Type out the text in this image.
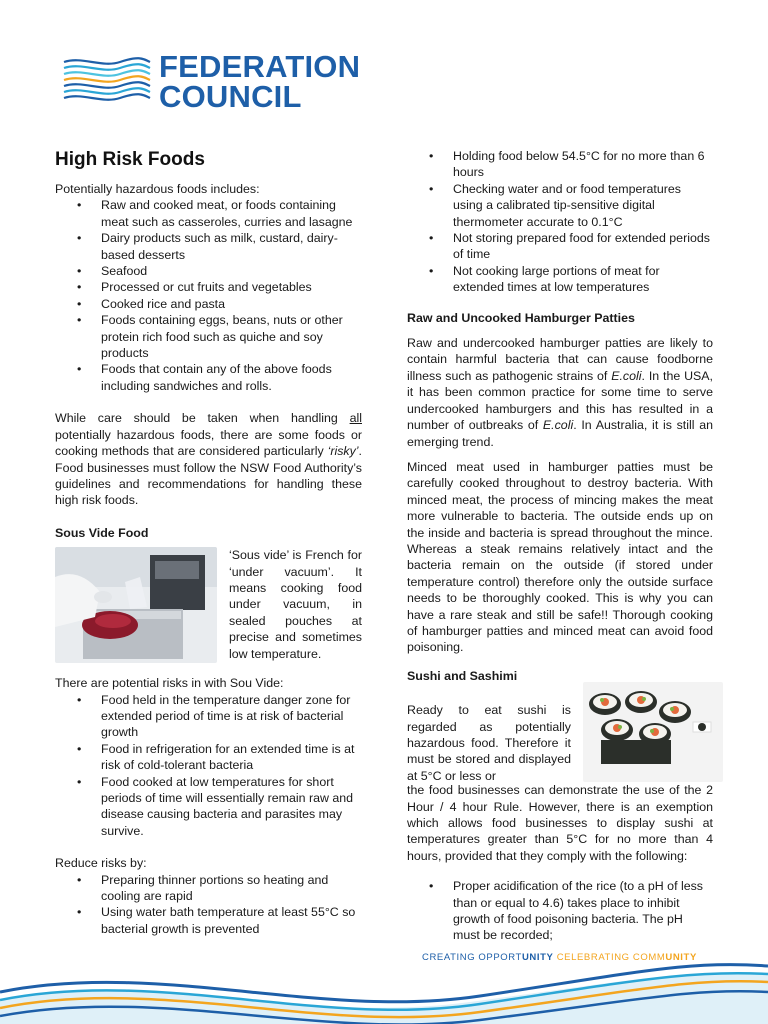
FEDERATION
COUNCIL
High Risk Foods

Potentially hazardous foods includes:

• Raw and cooked meat, or foods containing meat such as casseroles, curries and lasagne
• Dairy products such as milk, custard, dairy-based desserts
• Seafood
• Processed or cut fruits and vegetables
• Cooked rice and pasta
• Foods containing eggs, beans, nuts or other protein rich food such as quiche and soy products
• Foods that contain any of the above foods including sandwiches and rolls.

While care should be taken when handling all potentially hazardous foods, there are some foods or cooking methods that are considered particularly ‘risky’. Food businesses must follow the NSW Food Authority’s guidelines and recommendations for handling these high risk foods.

Sous Vide Food

‘Sous vide’ is French for ‘under vacuum’. It means cooking food under vacuum, in sealed pouches at precise and sometimes low temperature.

There are potential risks in with Sou Vide:

• Food held in the temperature danger zone for extended period of time is at risk of bacterial growth
• Food in refrigeration for an extended time is at risk of cold-tolerant bacteria
• Food cooked at low temperatures for short periods of time will essentially remain raw and disease causing bacteria and parasites may survive.

Reduce risks by:

• Preparing thinner portions so heating and cooling are rapid
• Using water bath temperature at least 55°C so bacterial growth is prevented
• Holding food below 54.5°C for no more than 6 hours
• Checking water and or food temperatures using a calibrated tip-sensitive digital thermometer accurate to 0.1°C
• Not storing prepared food for extended periods of time
• Not cooking large portions of meat for extended times at low temperatures

Raw and Uncooked Hamburger Patties

Raw and undercooked hamburger patties are likely to contain harmful bacteria that can cause foodborne illness such as pathogenic strains of E.coli. In the USA, it has been common practice for some time to serve undercooked hamburgers and this has resulted in a number of outbreaks of E.coli. In Australia, it is still an emerging trend.

Minced meat used in hamburger patties must be carefully cooked throughout to destroy bacteria. With minced meat, the process of mincing makes the meat more vulnerable to bacteria. The outside ends up on the inside and bacteria is spread throughout the mince. Whereas a steak remains relatively intact and the bacteria remain on the outside (if stored under temperature control) therefore only the outside surface needs to be thoroughly cooked. This is why you can have a rare steak and still be safe!! Thorough cooking of hamburger patties and minced meat can avoid food poisoning.

Sushi and Sashimi

Ready to eat sushi is regarded as potentially hazardous food. Therefore it must be stored and displayed at 5°C or less or

the food businesses can demonstrate the use of the 2 Hour / 4 hour Rule. However, there is an exemption which allows food businesses to display sushi at temperatures greater than 5°C for no more than 4 hours, provided that they comply with the following:

• Proper acidification of the rice (to a pH of less than or equal to 4.6) takes place to inhibit growth of food poisoning bacteria. The pH must be recorded;
CREATING OPPORTUNITY CELEBRATING COMMUNITY
